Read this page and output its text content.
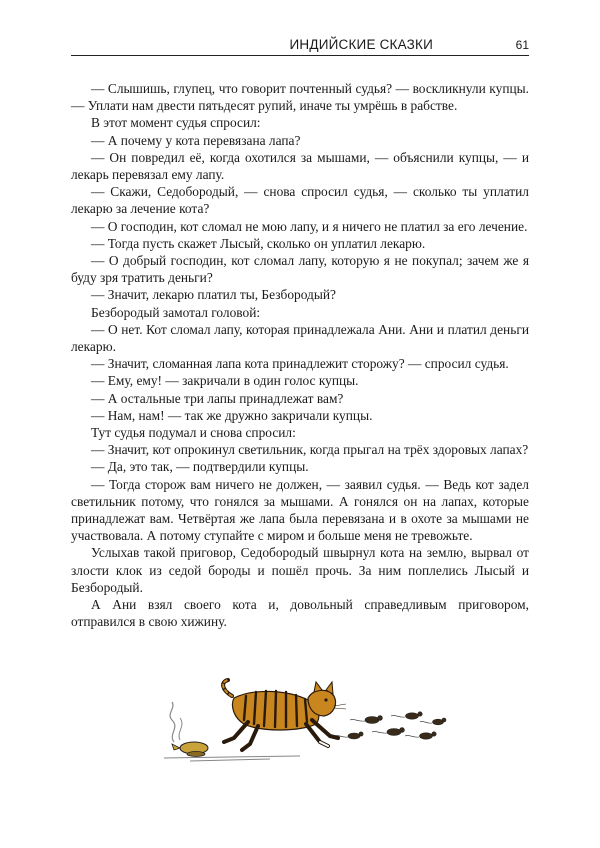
ИНДИЙСКИЕ СКАЗКИ	61

— Слышишь, глупец, что говорит почтенный судья? — воскликнули купцы. — Уплати нам двести пятьдесят рупий, иначе ты умрёшь в рабстве.

В этот момент судья спросил:

— А почему у кота перевязана лапа?

— Он повредил её, когда охотился за мышами, — объяснили купцы, — и лекарь перевязал ему лапу.

— Скажи, Седобородый, — снова спросил судья, — сколько ты уплатил лекарю за лечение кота?

— О господин, кот сломал не мою лапу, и я ничего не платил за его лечение.

— Тогда пусть скажет Лысый, сколько он уплатил лекарю.

— О добрый господин, кот сломал лапу, которую я не покупал; зачем же я буду зря тратить деньги?

— Значит, лекарю платил ты, Безбородый?

Безбородый замотал головой:

— О нет. Кот сломал лапу, которая принадлежала Ани. Ани и платил деньги лекарю.

— Значит, сломанная лапа кота принадлежит сторожу? — спросил судья.

— Ему, ему! — закричали в один голос купцы.

— А остальные три лапы принадлежат вам?

— Нам, нам! — так же дружно закричали купцы.

Тут судья подумал и снова спросил:

— Значит, кот опрокинул светильник, когда прыгал на трёх здоровых лапах?

— Да, это так, — подтвердили купцы.

— Тогда сторож вам ничего не должен, — заявил судья. — Ведь кот задел светильник потому, что гонялся за мышами. А гонялся он на лапах, которые принадлежат вам. Четвёртая же лапа была перевязана и в охоте за мышами не участвовала. А потому ступайте с миром и больше меня не тревожьте.

Услыхав такой приговор, Седобородый швырнул кота на землю, вырвал от злости клок из седой бороды и пошёл прочь. За ним поплелись Лысый и Безбородый.

А Ани взял своего кота и, довольный справедливым приговором, отправился в свою хижину.
